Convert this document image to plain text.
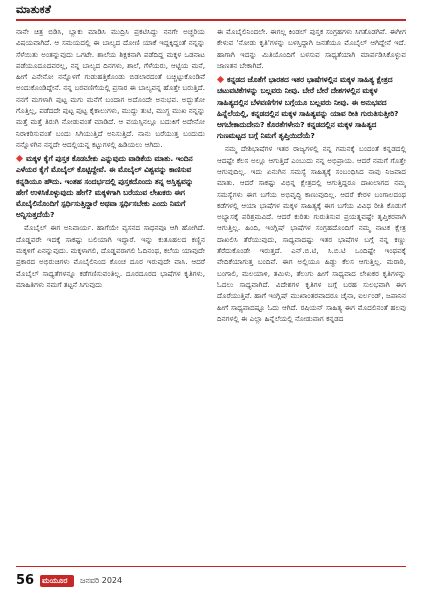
ಮಾತುಕತೆ

ನಾನೇ ಚಿತ್ರ ಬಿಡಿಸಿ, ಬ್ಲಾಕು ಮಾಡಿಸಿ ಮುದ್ರಿಸಿ ಪ್ರಕಟಿಸಿದ್ದು ನನಗೇ ಅಚ್ಚರಿಯ ವಿಷಯವಾಗಿದೆ. ಆ ಸಮಯದಲ್ಲಿ ಈ ಬಾಲ್ಯದ ದೋಣಿ ಯಾಕೆ ಇದ್ದಕ್ಕಿದ್ದಂತೆ ನನ್ನನ್ನು ಸೆಳೆಯಿತು ಅಂತನ್ನುವುದು ಒಗಟೇ. ಶಾಲೆಯ ಶಿಕ್ಷಕನಾಗಿ ಪಡೆದಿದ್ದ ಮಕ್ಕಳ ಒಡನಾಟ ಪಡೆಯೂದೂದವರಲ್ಲ, ನನ್ನ ಬಾಲ್ಯದ ದಿನಗಳು, ಶಾಲೆ, ಗೆಳೆಯರು, ಆಟ್ಟಿಯ ಮನೆ, ಹೀಗೆ ಎನೇನೋ ನನ್ನೊಳಗೆ ಗುಡುಹತ್ತಿಕೊಂಡು ಬಿಡಲಾರದಂತೆ ಬಚ್ಚಿಟ್ಟುಕೊಂಡಿವೆ ಅಂದುಕೊಂಡಿದ್ದೇನೆ. ನನ್ನ ಬರವಣಿಗೆಯಲ್ಲಿ ಪ್ರಸಾರ ಈ ಬಾಲ್ಯವನ್ನ ಹೊತ್ತೇ ಬರುತ್ತಿದೆ. ನನಗೆ ಮಗಳಾಗಿ ಪುಟ್ಟ ಮಗು ಮನೆಗೆ ಬಂದಾಗ ಅದೊಂದೇ ಅನುಭವ. ಅದ್ಭುತೋ ಗೊತ್ತಿಲ್ಲ, ಪಡೆದದೇ ಪುಟ್ಟ ಪುಟ್ಟ ಕೈಕಾಲುಗಳು, ಮುದ್ದು ತುಟಿ, ಮುಗ್ಧ ಮುಖ ನನ್ನನ್ನು ಮತ್ತೆ ಮತ್ತೆ ತಿರುಗಿ ನೋಡುವಂತೆ ಮಾಡಿದೆ. ಆ ವಯಸ್ಸಿನಲ್ಲೂ ಬದುಕಿಗೆ ಅದೇನೋ ನಿರಾಕರಿಸುವಂತೆ ಬಂದು ಸಿಗಿಯುತ್ತಿದೆ ಅನಿಸುತ್ತಿದೆ. ನಾನು ಬರೆಯುತ್ತ ಬಂದುದು ನನ್ನೊಳಗಿನ ನನ್ನದೇ ಆದಲ್ಲಿಯನ್ನ ಕಟ್ಟುಗಳಲ್ಲಿ ಹಿಡಿಯಲು ಆಗಿದು.

ಮಕ್ಕಳ ಕೈಗೆ ಪುಸ್ತಕ ಕೊಡಬೇಕು ಎನ್ನುವುದು ವಾಡಿಕೆಯ ಮಾತು. ಇಂದಿನ ಎಳೆಯರ ಕೈಗೆ ಮೊಬೈಲ್ ಕೊಟ್ಟಿದ್ದೇವೆ. ಈ ಮೊಬೈಲ್ ವಿಶ್ವವನ್ನು ಕಾಣಿಸುವ ಕನ್ನಡಿಯೂ ಹೌದು. ಇಂತಹ ಸಂದರ್ಭದಲ್ಲಿ ಪುಸ್ತಕದೊಂದು ತನ್ನ ಅಸ್ತಿತ್ವವನ್ನು ಹೇಗೆ ಉಳಿಸಿಕೊಳ್ಳುವುದು ಹೇಗೆ? ಮಕ್ಕಳಿಗಾಗಿ ಬರೆಯುವ ಲೇಖಕರು ಈಗ ಮೊಬೈಲಿನೊಂದಿಗೆ ಸ್ಪರ್ಧಿಸುತ್ತಿದ್ದಾರೆ ಅಥವಾ ಸ್ಪರ್ಧಿಸಬೇಕು ಎಂದು ನಿಮಗೆ ಅನ್ನಿಸುತ್ತದೆಯೆ?

ಮೊಬೈಲ್ ಈಗ ಅನಿವಾರ್ಯ. ಹಾಗೆಯೇ ವ್ಯಸನದ ಸಾಧನವೂ ಆಗಿ ಹೋಗಿದೆ. ದೊಡ್ಡವರೇ ಇದಕ್ಕೆ ಸಾಕಷ್ಟು ಬಲಿಯಾಗಿ ಇದ್ದಾರೆ. ಇನ್ನು ಕುತೂಹಲದ ಕಣ್ಣಿನ ಮಕ್ಕಳಿಗೆ ಏನನ್ನುವುದು. ಮಕ್ಕಳಾಗಲಿ, ದೊಡ್ಡವರಾಗಲಿ ಓದಿನಂಥ, ಕಲೆಯ ಯಾವುದೇ ಪ್ರಕಾರದ ಅಭಿರುಚಿಗಳು ಮೊಬೈಲಿನಿಂದ ಕೊಂಚ ದೂರ ಇರುವುದೇ ವಾಸಿ. ಆದರೆ ಮೊಬೈಲ್ ಸಾಧ್ಯತೆಗಳನ್ನೂ ಕಡೆಗಣಿಸುವಂತಿಲ್ಲ. ದೂರದೂರದ ಭಾಷೆಗಳ ಕೃತಿಗಳು, ಮಾಹಿತಿಗಳು ನಮಗೆ ತಟ್ಟನೆ ಸಿಗುವುದು

ಈ ಮೊಬೈಲಿನಿಂದಲೇ. ಈಗಲ್ಲ ಕಿಂಡಲ್ ಪುಸ್ತಕ ಸಂಗ್ರಹಗಳು ಸಿಗತೊಡಗಿವೆ. ಈಗೀಗ ಕೇಳುವ 'ನೋಡು ಕೃತಿ'ಗಳನ್ನು ಬಳಸ್ತಿದ್ದಾಗಿ ಜನತೆಯೂ ಮೊಬೈಲ್ ಆಗಿದ್ದೇನೆ ಇದೆ. ಹಾಗಾಗಿ ಇದನ್ನು ಮಿತಿಯೊಂದಿಗೆ ಬಳಸುವ ಸಾಧ್ಯತೆಯಾಗಿ ಮಾರ್ಪಡಿಸಿಕೊಳ್ಳುವ ಜಾಣತನ ಬೇಕಾಗಿದೆ.

ಕನ್ನಡದ ಜೊತೆಗೆ ಭಾರತದ ಇತರ ಭಾಷೆಗಳಲ್ಲಿನ ಮಕ್ಕಳ ಸಾಹಿತ್ಯ ಕ್ಷೇತ್ರದ ಚಟುವಟಿಕೆಗಳನ್ನು ಬಲ್ಲವರು ನೀವು. ಬೇರೆ ಬೇರೆ ದೇಶಗಳಲ್ಲಿನ ಮಕ್ಕಳ ಸಾಹಿತ್ಯದಲ್ಲಿನ ಬೆಳವಣಿಗೆಗಳ ಬಗ್ಗೆಯೂ ಬಲ್ಲವರು ನೀವು. ಈ ಅನುಭವದ ಹಿನ್ನೆಲೆಯಲ್ಲಿ, ಕನ್ನಡದಲ್ಲಿನ ಮಕ್ಕಳ ಸಾಹಿತ್ಯವನ್ನು ಯಾವ ರೀತಿ ಗುರುತಿಸುತ್ತೀರಿ? ಆಗಬೇಕಾದುದೇನು? ಕೊರತೆಗಳೇನು? ಕನ್ನಡದಲ್ಲಿನ ಮಕ್ಕಳ ಸಾಹಿತ್ಯದ ಗುಣಮಟ್ಟದ ಬಗ್ಗೆ ನಿಮಗೆ ತೃಪ್ತಿಯಿದೆಯೆ?

ನಮ್ಮ ದೇಶಿಭಾಷೆಗಳ ಇತರ ರಾಜ್ಯಗಳಲ್ಲಿ ನನ್ನ ಗಮನಕ್ಕೆ ಬಂದಂತೆ ಕನ್ನಡದಲ್ಲಿ ಆದಷ್ಟೇ ಕೆಲಸ ಅಲ್ಲೂ ಆಗುತ್ತಿದೆ ಎಂಬುದು ನನ್ನ ಅಭಿಪ್ರಾಯ. ಆದರೆ ನಮಗೆ ಗೊತ್ತೇ ಆಗುವುದಿಲ್ಲ. ಇದು ಏನುಗಿನ ಸಮಸ್ಯೆ ಸಾಹಿತ್ಯಕ್ಕೆ ಸಂಬಂಧಿಸಿದ ನಾವು ನಿಜವಾದ ಮಾತು. ಆದರೆ ಸಾಕಷ್ಟು ವಿಭಿನ್ನ ಕ್ಷೇತ್ರದಲ್ಲಿ ಆಗುತ್ತಿದ್ದರೂ ದಾಖಲಾಗದ ನಮ್ಮ ಸಮಸ್ಯೆಗಳು ಈಗ ಬಗೆಯ ಅಭಿವೃದ್ಧಿ ಕಾಣುವುದಿಲ್ಲ. ಆದರೆ ಕೇರಳ ಬಂಗಾಲದಂಥ ಕಡೆಗಳಲ್ಲಿ ಆಯಾ ಭಾಷೆಗಳ ಮಕ್ಕಳ ಸಾಹಿತ್ಯಕ್ಕೆ ಈಗ ಬಗೆಯ ವಿವಿಧ ರೀತಿ ಕೊಡುಗೆ ಅಭ್ಯಾಸಕ್ಕೆ ಪರಿಶ್ರಮವಿದೆ. ಆದರೆ ಕುರಿತು ಗುರುತಿಸುವ ಪ್ರಯತ್ನವಷ್ಟೇ ತೃಪ್ತಿಕರವಾಗಿ ಆಗುತ್ತಿಲ್ಲ. ಹಿಂದಿ, ಇಂಗ್ಲಿಷ್ ಭಾಷೆಗಳ ಸಂಗ್ರಹದೊಂದಿಗೆ ನಮ್ಮ ನಾಟಕ ಕ್ಷೇತ್ರ ದಾಖಲಿಸಿ ತೆರೆಯುವುದು, ಸಾಧ್ಯವಾದಷ್ಟು ಇತರ ಭಾಷೆಗಳ ಬಗ್ಗೆ ನನ್ನ ಕಣ್ಣು ತೆರೆದುಕೊಂಡೇ ಇರುತ್ತದೆ. ಎನ್.ಬಿ.ಟಿ, ಸಿ.ಬಿ.ಟಿ ಒಂದಿಷ್ಟೇ ಇಂಥವಕ್ಕೆ ವೇದಿಕೆಯಾಗುತ್ತ ಬಂದಿವೆ. ಈಗ ಅಲ್ಲಿಯೂ ಹಿಡ್ದು ಕೆಲಸ ಆಗುತ್ತಿಲ್ಲ. ಮರಾಠಿ, ಬಂಗಾಲಿ, ಮಲಯಾಳಿ, ತಮಿಳು, ತೆಲುಗು ಹೀಗೆ ಸಾಧ್ಯವಾದ ಲೇಖಕರ ಕೃತಿಗಳನ್ನು ಓದಲು ಸಾಧ್ಯವಾಗಿದೆ. ವಿದೇಶಗಳ ಕೃತಿಗಳ ಬಗ್ಗೆ ಬರಹ ಸುಲಭವಾಗಿ ಈಗ ದೊರೆಯುತ್ತಿವೆ. ಹಾಗೆ ಇಂಗ್ಲಿಷ್ ಮುಖಾಂತರವಾದರೂ ಚೈನಾ, ಐರ್ಲಂಡ್, ಜಪಾನಿನ ಹೀಗೆ ಸಾಧ್ಯವಾದಷ್ಟೂ ಓದು ಆಗಿದೆ. ರಷಿಯನ್ ಸಾಹಿತ್ಯ ಈಗ ಮೊದಲಿನಂತೆ ಹಲವು ದಿನಗಳಲ್ಲಿ ಈ ಎಲ್ಲಾ ಹಿನ್ನೆಲೆಯಲ್ಲಿ ನೋಡುವಾಗ ಕನ್ನಡದ

56 ಮಯೂರ ಜನವರಿ 2024
